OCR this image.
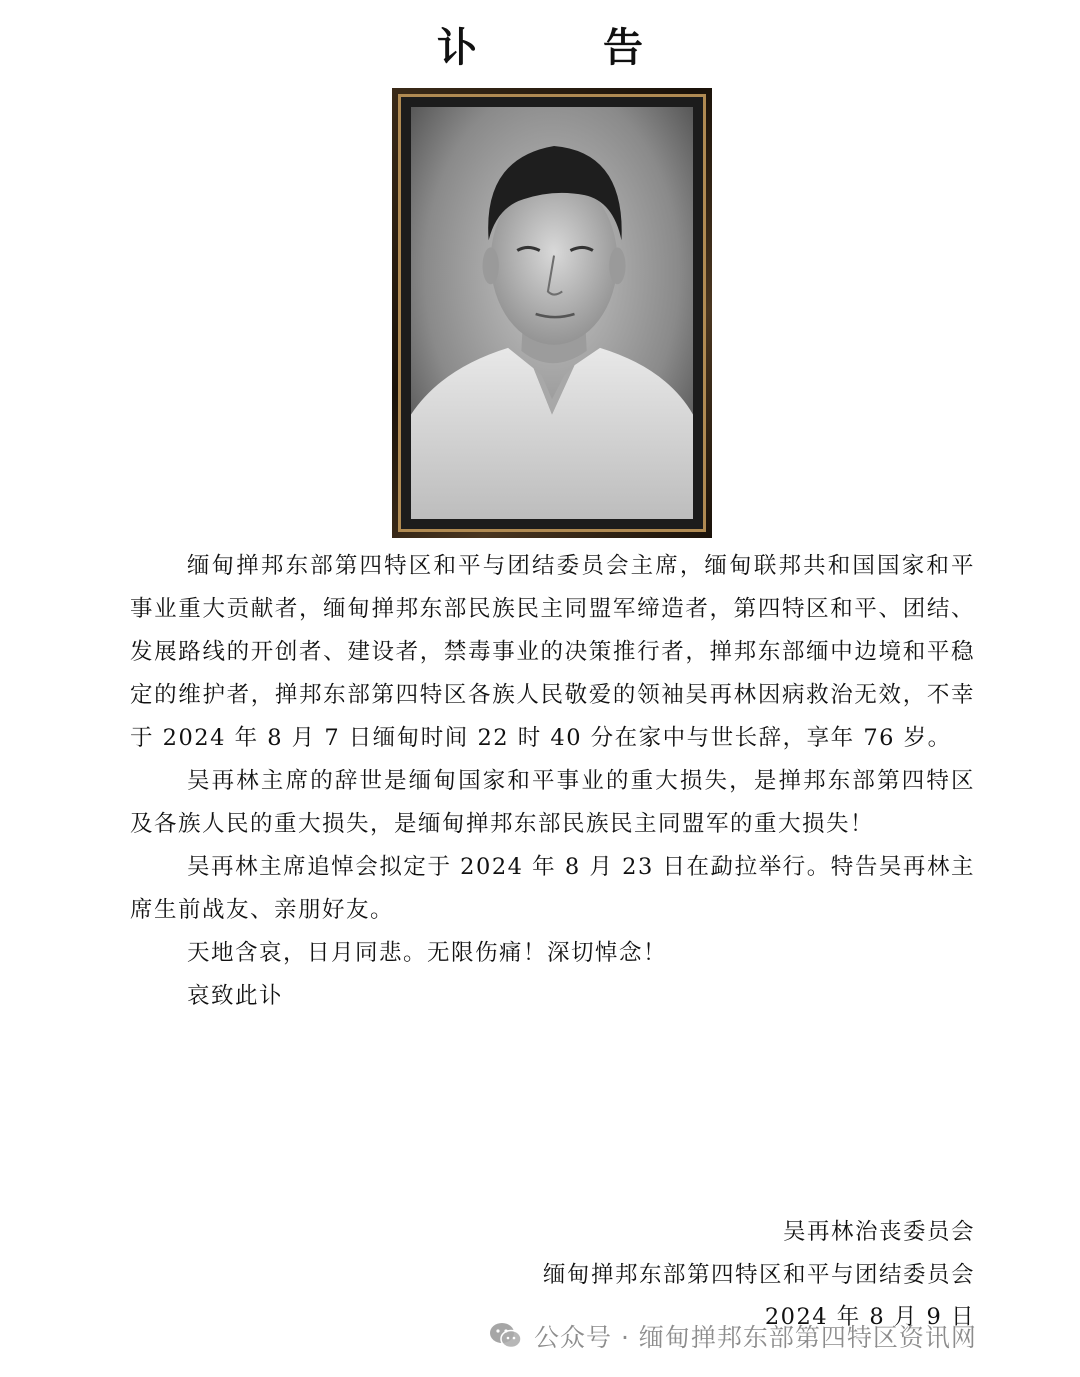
讣 告

缅甸掸邦东部第四特区和平与团结委员会主席，缅甸联邦共和国国家和平事业重大贡献者，缅甸掸邦东部民族民主同盟军缔造者，第四特区和平、团结、发展路线的开创者、建设者，禁毒事业的决策推行者，掸邦东部缅中边境和平稳定的维护者，掸邦东部第四特区各族人民敬爱的领袖吴再林因病救治无效，不幸于 2024 年 8 月 7 日缅甸时间 22 时 40 分在家中与世长辞，享年 76 岁。

吴再林主席的辞世是缅甸国家和平事业的重大损失，是掸邦东部第四特区及各族人民的重大损失，是缅甸掸邦东部民族民主同盟军的重大损失！

吴再林主席追悼会拟定于 2024 年 8 月 23 日在勐拉举行。特告吴再林主席生前战友、亲朋好友。

天地含哀，日月同悲。无限伤痛！深切悼念！

哀致此讣

吴再林治丧委员会
缅甸掸邦东部第四特区和平与团结委员会
2024 年 8 月 9 日
公众号 · 缅甸掸邦东部第四特区资讯网
